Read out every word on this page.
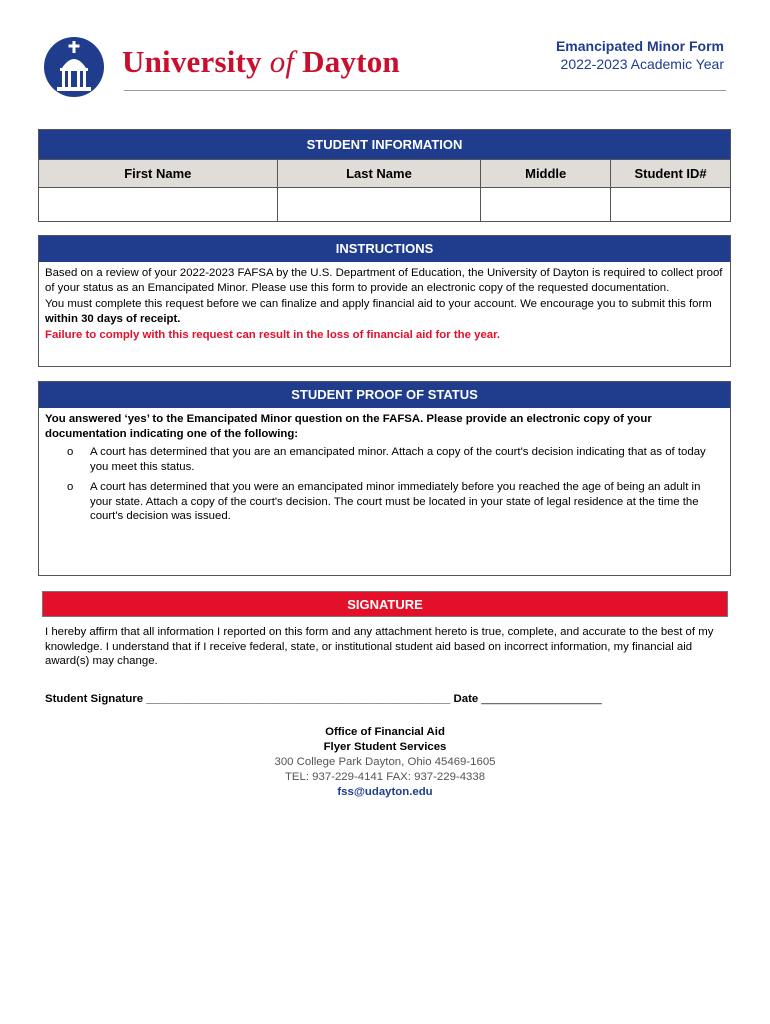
University of Dayton	Emancipated Minor Form
2022-2023 Academic Year
STUDENT INFORMATION			
First Name	Last Name	Middle	Student ID#

INSTRUCTIONS

Based on a review of your 2022-2023 FAFSA by the U.S. Department of Education, the University of Dayton is required to collect proof of your status as an Emancipated Minor. Please use this form to provide an electronic copy of the requested documentation.

You must complete this request before we can finalize and apply financial aid to your account. We encourage you to submit this form within 30 days of receipt.

Failure to comply with this request can result in the loss of financial aid for the year.

STUDENT PROOF OF STATUS

You answered ‘yes’ to the Emancipated Minor question on the FAFSA. Please provide an electronic copy of your documentation indicating one of the following:

o A court has determined that you are an emancipated minor. Attach a copy of the court's decision indicating that as of today you meet this status.
o A court has determined that you were an emancipated minor immediately before you reached the age of being an adult in your state. Attach a copy of the court's decision. The court must be located in your state of legal residence at the time the court's decision was issued.
SIGNATURE

I hereby affirm that all information I reported on this form and any attachment hereto is true, complete, and accurate to the best of my knowledge. I understand that if I receive federal, state, or institutional student aid based on incorrect information, my financial aid award(s) may change.

Student Signature ________________________________________________ Date ___________________
Office of Financial Aid
Flyer Student Services
300 College Park Dayton, Ohio 45469-1605
TEL: 937-229-4141 FAX: 937-229-4338
fss@udayton.edu
